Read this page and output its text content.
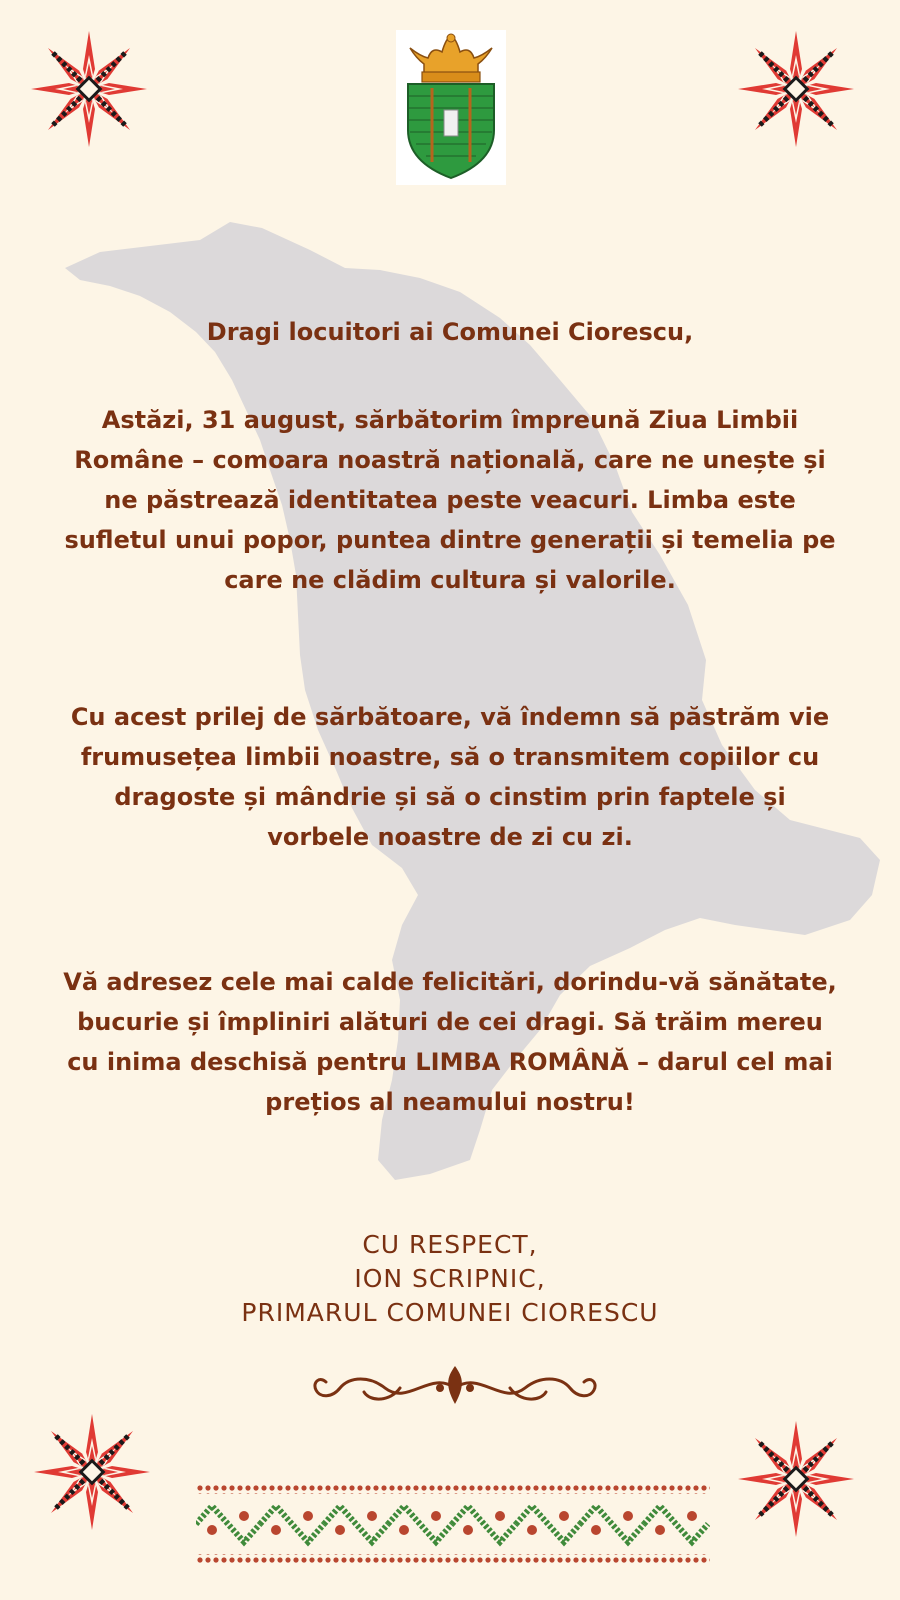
Dragi locuitori ai Comunei Ciorescu,

Astăzi, 31 august, sărbătorim împreună Ziua Limbii Române – comoara noastră națională, care ne unește și ne păstrează identitatea peste veacuri. Limba este sufletul unui popor, puntea dintre generații și temelia pe care ne clădim cultura și valorile.

Cu acest prilej de sărbătoare, vă îndemn să păstrăm vie frumusețea limbii noastre, să o transmitem copiilor cu dragoste și mândrie și să o cinstim prin faptele și vorbele noastre de zi cu zi.

Vă adresez cele mai calde felicitări, dorindu-vă sănătate, bucurie și împliniri alături de cei dragi. Să trăim mereu cu inima deschisă pentru LIMBA ROMÂNĂ – darul cel mai prețios al neamului nostru!

CU RESPECT,
ION SCRIPNIC,
PRIMARUL COMUNEI CIORESCU
